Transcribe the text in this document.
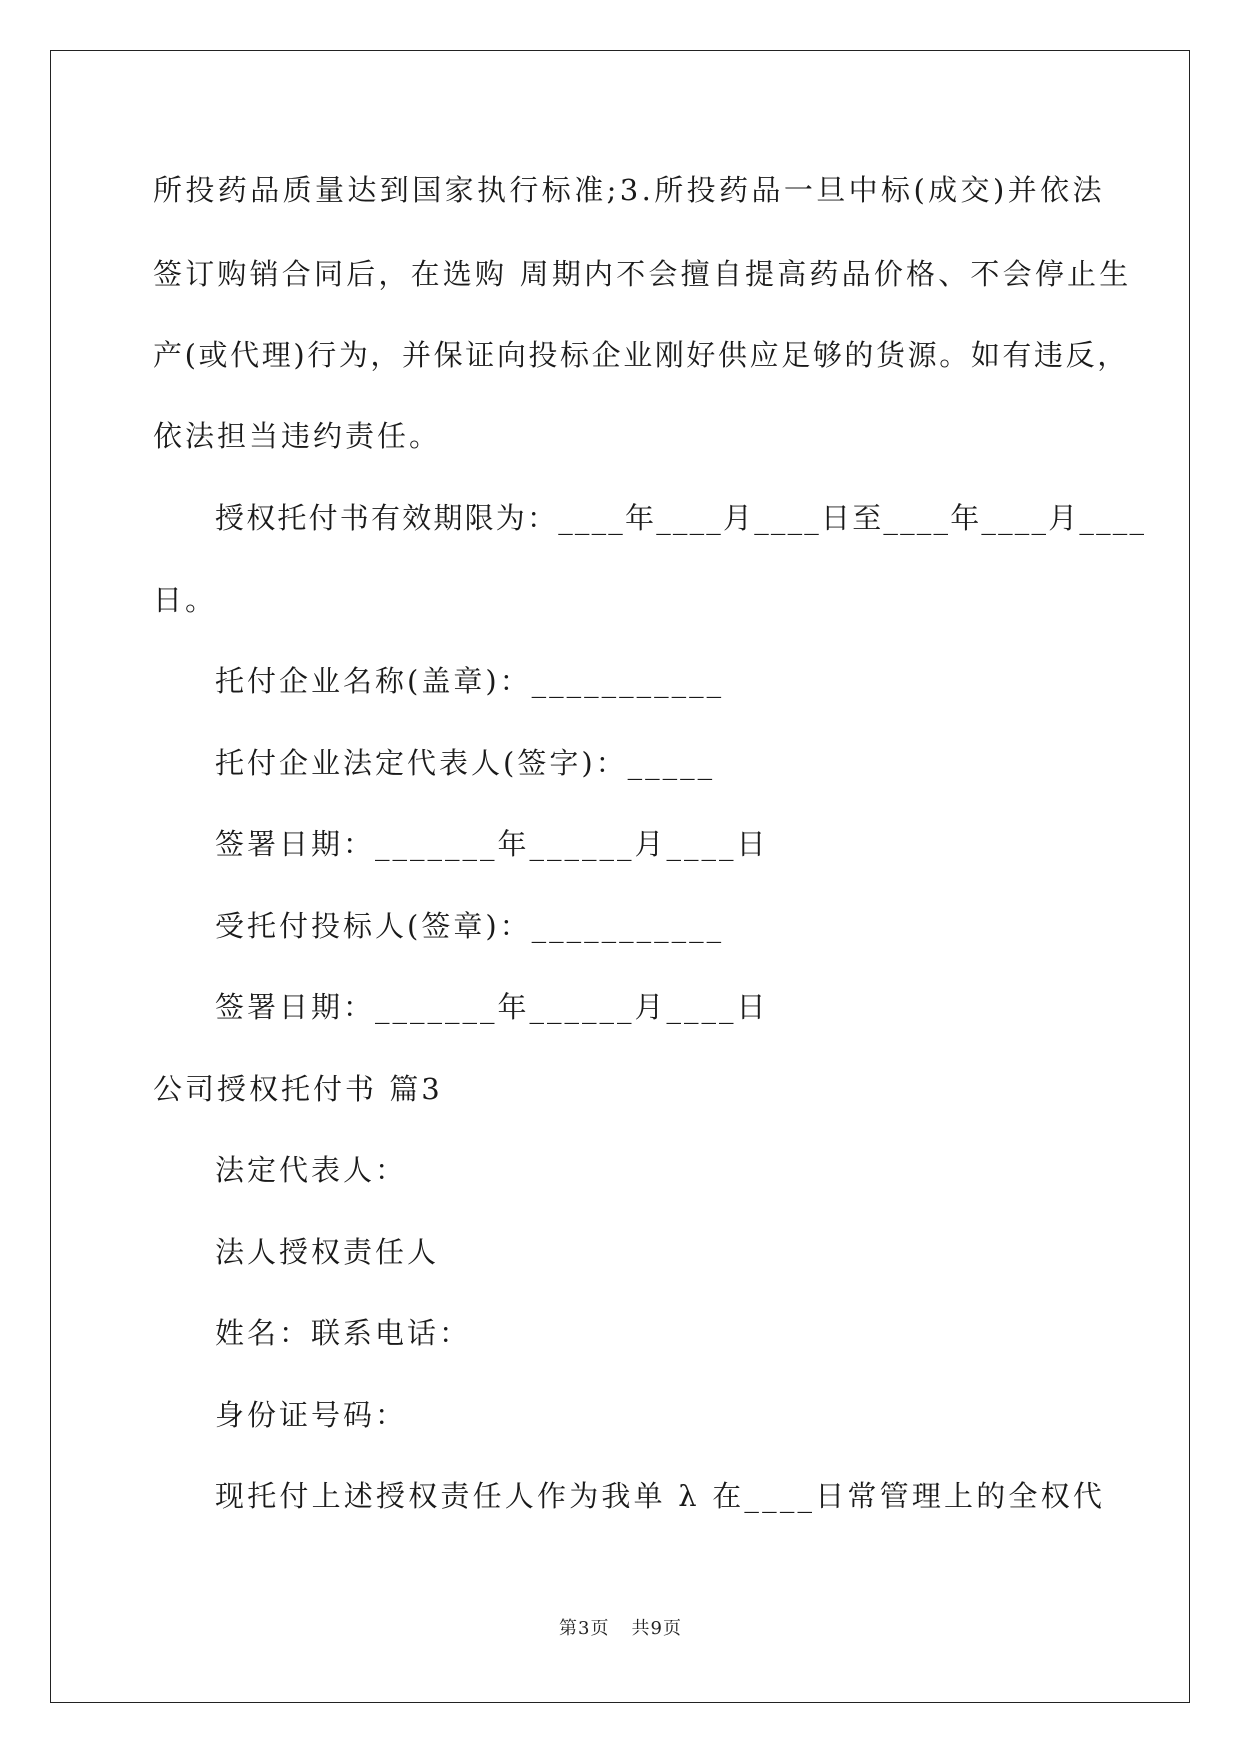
所投药品质量达到国家执行标准;3.所投药品一旦中标(成交)并依法
签订购销合同后，在选购 周期内不会擅自提高药品价格、不会停止生
产(或代理)行为，并保证向投标企业刚好供应足够的货源。如有违反，
依法担当违约责任。
授权托付书有效期限为：____年____月____日至____年____月____
日。
托付企业名称(盖章)：___________
托付企业法定代表人(签字)：_____
签署日期：_______年______月____日
受托付投标人(签章)：___________
签署日期：_______年______月____日
公司授权托付书 篇3
法定代表人：
法人授权责任人
姓名：联系电话：
身份证号码：
现托付上述授权责任人作为我单 λ 在____日常管理上的全权代
第3页 共9页
